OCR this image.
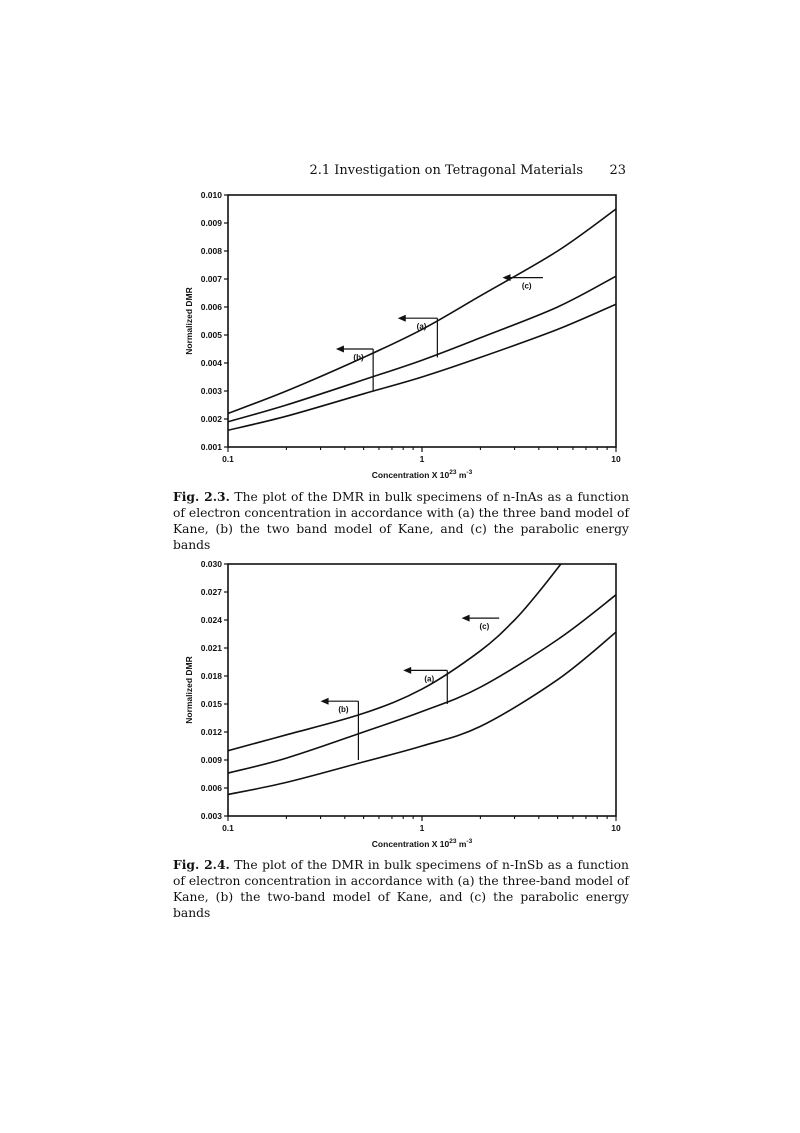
2.1 Investigation on Tetragonal Materials 23
0.001
0.002
0.003
0.004
0.005
0.006
0.007
0.008
0.009
0.010
0.1	1	10
Concentration X $10^{23}$ $m^{-3}$
Normalized DMR
(c)
(a)
(b)
Fig. 2.3. The plot of the DMR in bulk specimens of n-InAs as a function of electron concentration in accordance with (a) the three band model of Kane, (b) the two band model of Kane, and (c) the parabolic energy bands
0.003
0.006
0.009
0.012
0.015
0.018
0.021
0.024
0.027
0.030
0.1	1	10
Concentration X $10^{23}$ $m^{-3}$
Normalized DMR
(c)
(a)
(b)
Fig. 2.4. The plot of the DMR in bulk specimens of n-InSb as a function of electron concentration in accordance with (a) the three-band model of Kane, (b) the two-band model of Kane, and (c) the parabolic energy bands
